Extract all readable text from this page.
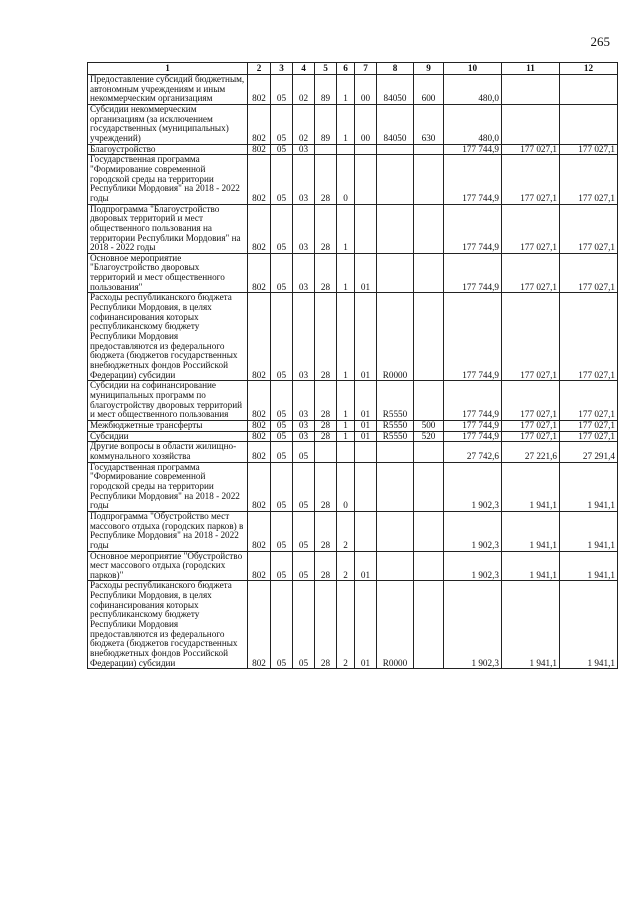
265
1	2	3	4	5	6	7	8	9	10	11	12
Предоставление субсидий бюджетным, автономным учреждениям и иным некоммерческим организациям	802	05	02	89	1	00	84050	600	480,0		
Субсидии некоммерческим организациям (за исключением государственных (муниципальных) учреждений)	802	05	02	89	1	00	84050	630	480,0		
Благоустройство	802	05	03						177 744,9	177 027,1	177 027,1
Государственная программа "Формирование современной городской среды на территории Республики Мордовия" на 2018 - 2022 годы	802	05	03	28	0				177 744,9	177 027,1	177 027,1
Подпрограмма "Благоустройство дворовых территорий и мест общественного пользования на территории Республики Мордовия" на 2018 - 2022 годы	802	05	03	28	1				177 744,9	177 027,1	177 027,1
Основное мероприятие "Благоустройство дворовых территорий и мест общественного пользования"	802	05	03	28	1	01			177 744,9	177 027,1	177 027,1
Расходы республиканского бюджета Республики Мордовия, в целях софинансирования которых республиканскому бюджету Республики Мордовия предоставляются из федерального бюджета (бюджетов государственных внебюджетных фондов Российской Федерации) субсидии	802	05	03	28	1	01	R0000		177 744,9	177 027,1	177 027,1
Субсидии на софинансирование муниципальных программ по благоустройству дворовых территорий и мест общественного пользования	802	05	03	28	1	01	R5550		177 744,9	177 027,1	177 027,1
Межбюджетные трансферты	802	05	03	28	1	01	R5550	500	177 744,9	177 027,1	177 027,1
Субсидии	802	05	03	28	1	01	R5550	520	177 744,9	177 027,1	177 027,1
Другие вопросы в области жилищно-коммунального хозяйства	802	05	05						27 742,6	27 221,6	27 291,4
Государственная программа "Формирование современной городской среды на территории Республики Мордовия" на 2018 - 2022 годы	802	05	05	28	0				1 902,3	1 941,1	1 941,1
Подпрограмма "Обустройство мест массового отдыха (городских парков) в Республике Мордовия" на 2018 - 2022 годы	802	05	05	28	2				1 902,3	1 941,1	1 941,1
Основное мероприятие "Обустройство мест массового отдыха (городских парков)"	802	05	05	28	2	01			1 902,3	1 941,1	1 941,1
Расходы республиканского бюджета Республики Мордовия, в целях софинансирования которых республиканскому бюджету Республики Мордовия предоставляются из федерального бюджета (бюджетов государственных внебюджетных фондов Российской Федерации) субсидии	802	05	05	28	2	01	R0000		1 902,3	1 941,1	1 941,1
